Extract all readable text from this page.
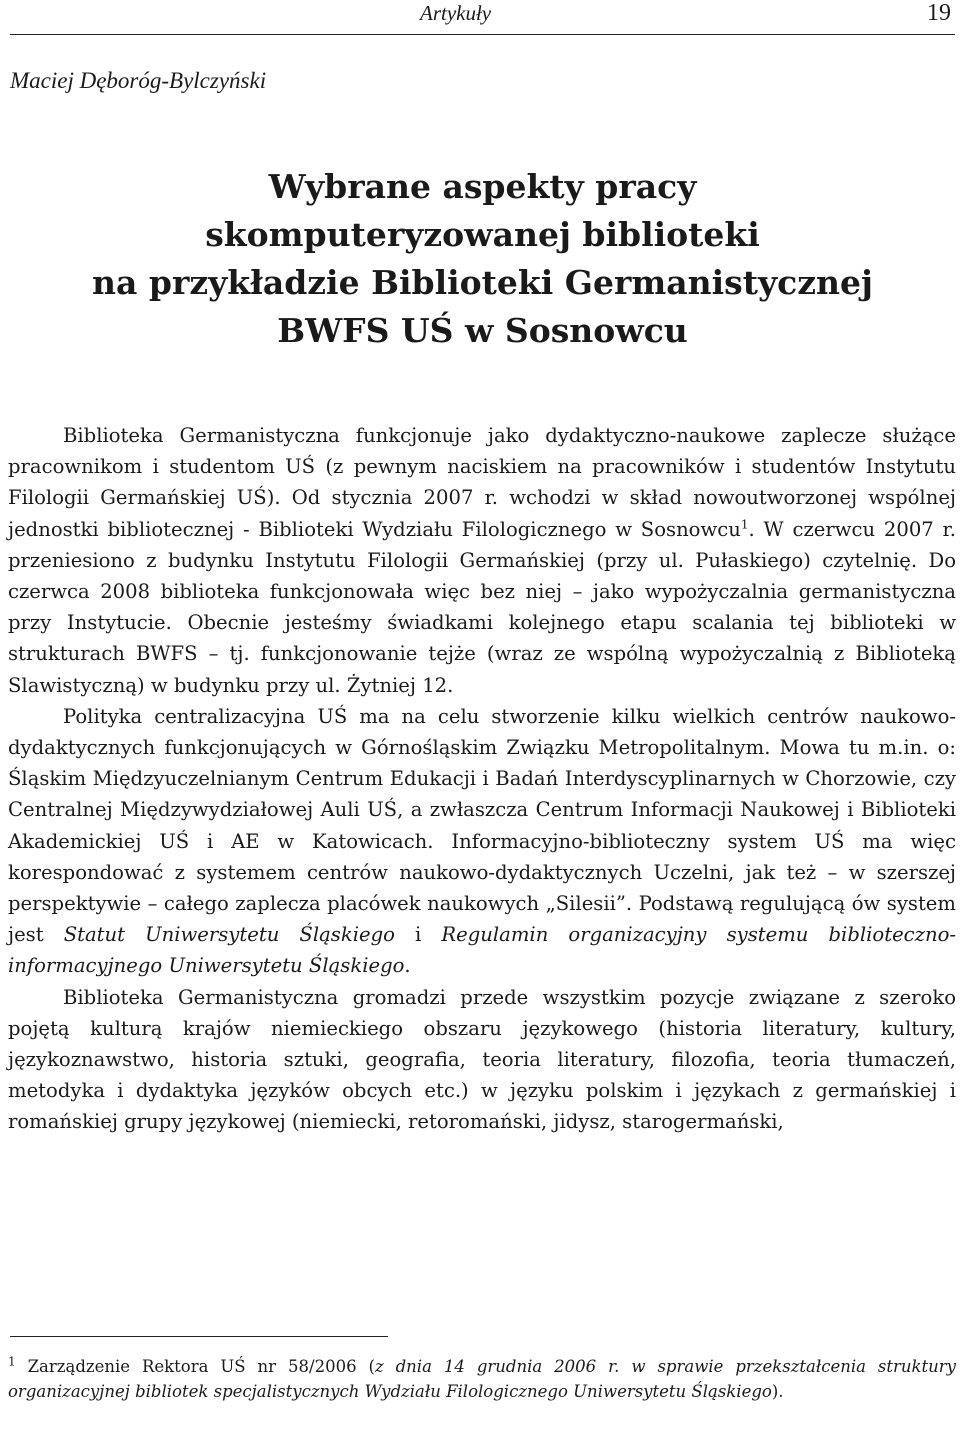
Artykuły	19
Maciej Dęboróg-Bylczyński
Wybrane aspekty pracy
skomputeryzowanej biblioteki
na przykładzie Biblioteki Germanistycznej
BWFS UŚ w Sosnowcu

Biblioteka Germanistyczna funkcjonuje jako dydaktyczno-naukowe zaplecze służące pracownikom i studentom UŚ (z pewnym naciskiem na pracowników i studentów Instytutu Filologii Germańskiej UŚ). Od stycznia 2007 r. wchodzi w skład nowoutworzonej wspólnej jednostki bibliotecznej - Biblioteki Wydziału Filologicznego w Sosnowcu$^1$. W czerwcu 2007 r. przeniesiono z budynku Instytutu Filologii Germańskiej (przy ul. Pułaskiego) czytelnię. Do czerwca 2008 biblioteka funkcjonowała więc bez niej – jako wypożyczalnia germanistyczna przy Instytucie. Obecnie jesteśmy świadkami kolejnego etapu scalania tej biblioteki w strukturach BWFS – tj. funkcjonowanie tejże (wraz ze wspólną wypożyczalnią z Biblioteką Slawistyczną) w budynku przy ul. Żytniej 12.

Polityka centralizacyjna UŚ ma na celu stworzenie kilku wielkich centrów naukowo-dydaktycznych funkcjonujących w Górnośląskim Związku Metropolitalnym. Mowa tu m.in. o: Śląskim Międzyuczelnianym Centrum Edukacji i Badań Interdyscyplinarnych w Chorzowie, czy Centralnej Międzywydziałowej Auli UŚ, a zwłaszcza Centrum Informacji Naukowej i Biblioteki Akademickiej UŚ i AE w Katowicach. Informacyjno-biblioteczny system UŚ ma więc korespondować z systemem centrów naukowo-dydaktycznych Uczelni, jak też – w szerszej perspektywie – całego zaplecza placówek naukowych „Silesii”. Podstawą regulującą ów system jest Statut Uniwersytetu Śląskiego i Regulamin organizacyjny systemu biblioteczno-informacyjnego Uniwersytetu Śląskiego.

Biblioteka Germanistyczna gromadzi przede wszystkim pozycje związane z szeroko pojętą kulturą krajów niemieckiego obszaru językowego (historia literatury, kultury, językoznawstwo, historia sztuki, geografia, teoria literatury, filozofia, teoria tłumaczeń, metodyka i dydaktyka języków obcych etc.) w języku polskim i językach z germańskiej i romańskiej grupy językowej (niemiecki, retoromański, jidysz, starogermański,

$^1$ Zarządzenie Rektora UŚ nr 58/2006 (z dnia 14 grudnia 2006 r. w sprawie przekształcenia struktury organizacyjnej bibliotek specjalistycznych Wydziału Filologicznego Uniwersytetu Śląskiego).
